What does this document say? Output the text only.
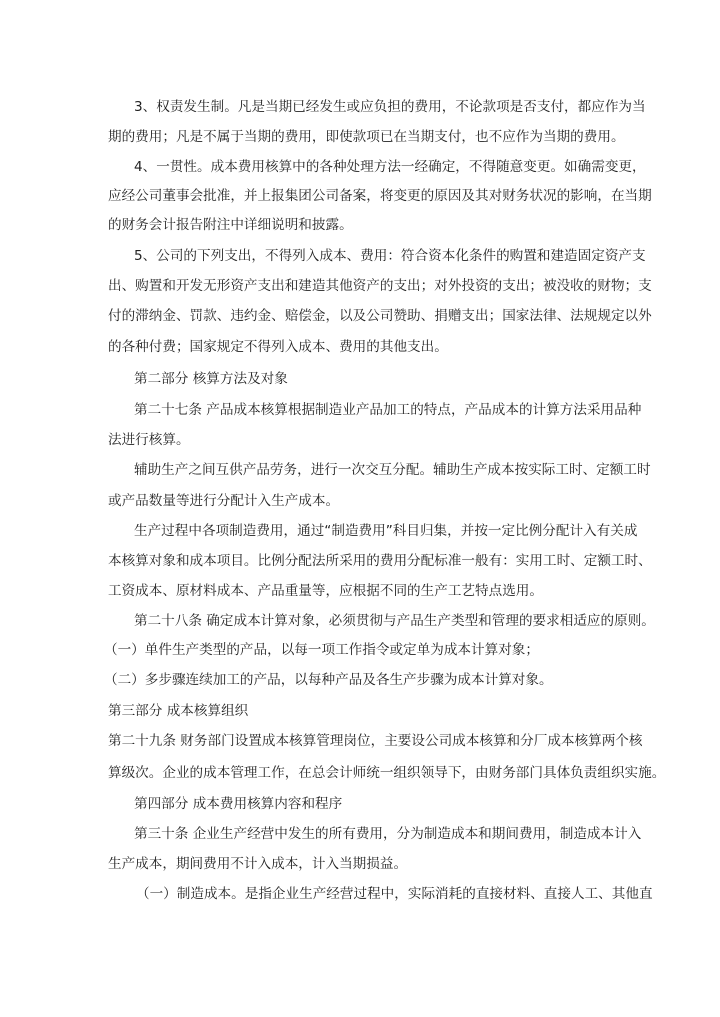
3、权责发生制。凡是当期已经发生或应负担的费用，不论款项是否支付，都应作为当
期的费用；凡是不属于当期的费用，即使款项已在当期支付，也不应作为当期的费用。
4、一贯性。成本费用核算中的各种处理方法一经确定，不得随意变更。如确需变更，
应经公司董事会批准，并上报集团公司备案，将变更的原因及其对财务状况的影响，在当期
的财务会计报告附注中详细说明和披露。
5、公司的下列支出，不得列入成本、费用：符合资本化条件的购置和建造固定资产支
出、购置和开发无形资产支出和建造其他资产的支出；对外投资的支出；被没收的财物；支
付的滞纳金、罚款、违约金、赔偿金，以及公司赞助、捐赠支出；国家法律、法规规定以外
的各种付费；国家规定不得列入成本、费用的其他支出。
第二部分 核算方法及对象
第二十七条 产品成本核算根据制造业产品加工的特点，产品成本的计算方法采用品种
法进行核算。
辅助生产之间互供产品劳务，进行一次交互分配。辅助生产成本按实际工时、定额工时
或产品数量等进行分配计入生产成本。
生产过程中各项制造费用，通过“制造费用”科目归集，并按一定比例分配计入有关成
本核算对象和成本项目。比例分配法所采用的费用分配标准一般有：实用工时、定额工时、
工资成本、原材料成本、产品重量等，应根据不同的生产工艺特点选用。
第二十八条 确定成本计算对象，必须贯彻与产品生产类型和管理的要求相适应的原则。
（一）单件生产类型的产品，以每一项工作指令或定单为成本计算对象；
（二）多步骤连续加工的产品，以每种产品及各生产步骤为成本计算对象。
第三部分 成本核算组织
第二十九条 财务部门设置成本核算管理岗位，主要设公司成本核算和分厂成本核算两个核
算级次。企业的成本管理工作，在总会计师统一组织领导下，由财务部门具体负责组织实施。
第四部分 成本费用核算内容和程序
第三十条 企业生产经营中发生的所有费用，分为制造成本和期间费用，制造成本计入
生产成本，期间费用不计入成本，计入当期损益。
（一）制造成本。是指企业生产经营过程中，实际消耗的直接材料、直接人工、其他直
